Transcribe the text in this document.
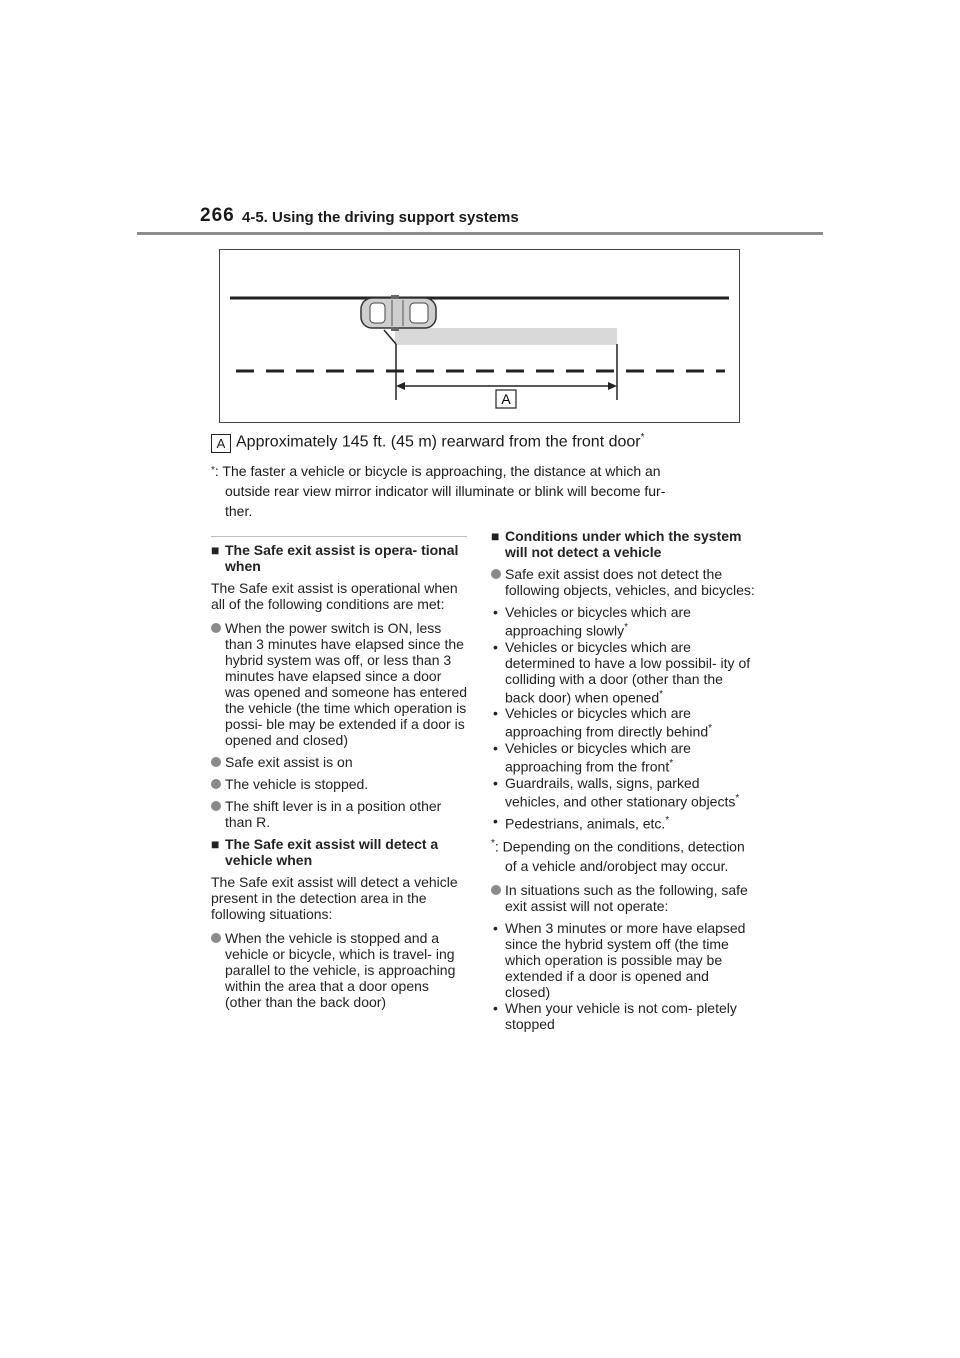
266 4-5. Using the driving support systems
A
A Approximately 145 ft. (45 m) rearward from the front door*
*: The faster a vehicle or bicycle is approaching, the distance at which an
outside rear view mirror indicator will illuminate or blink will become fur-
ther.
■ The Safe exit assist is opera- tional when
The Safe exit assist is operational when all of the following conditions are met:
When the power switch is ON, less than 3 minutes have elapsed since the hybrid system was off, or less than 3 minutes have elapsed since a door was opened and someone has entered the vehicle (the time which operation is possi- ble may be extended if a door is opened and closed)
Safe exit assist is on
The vehicle is stopped.
The shift lever is in a position other than R.
■ The Safe exit assist will detect a vehicle when
The Safe exit assist will detect a vehicle present in the detection area in the following situations:
When the vehicle is stopped and a vehicle or bicycle, which is travel- ing parallel to the vehicle, is approaching within the area that a door opens (other than the back door)
■ Conditions under which the system will not detect a vehicle
Safe exit assist does not detect the following objects, vehicles, and bicycles:
• Vehicles or bicycles which are approaching slowly*
• Vehicles or bicycles which are determined to have a low possibil- ity of colliding with a door (other than the back door) when opened*
• Vehicles or bicycles which are approaching from directly behind*
• Vehicles or bicycles which are approaching from the front*
• Guardrails, walls, signs, parked vehicles, and other stationary objects*
• Pedestrians, animals, etc.*
*: Depending on the conditions, detection of a vehicle and/orobject may occur.
In situations such as the following, safe exit assist will not operate:
• When 3 minutes or more have elapsed since the hybrid system off (the time which operation is possible may be extended if a door is opened and closed)
• When your vehicle is not com- pletely stopped
